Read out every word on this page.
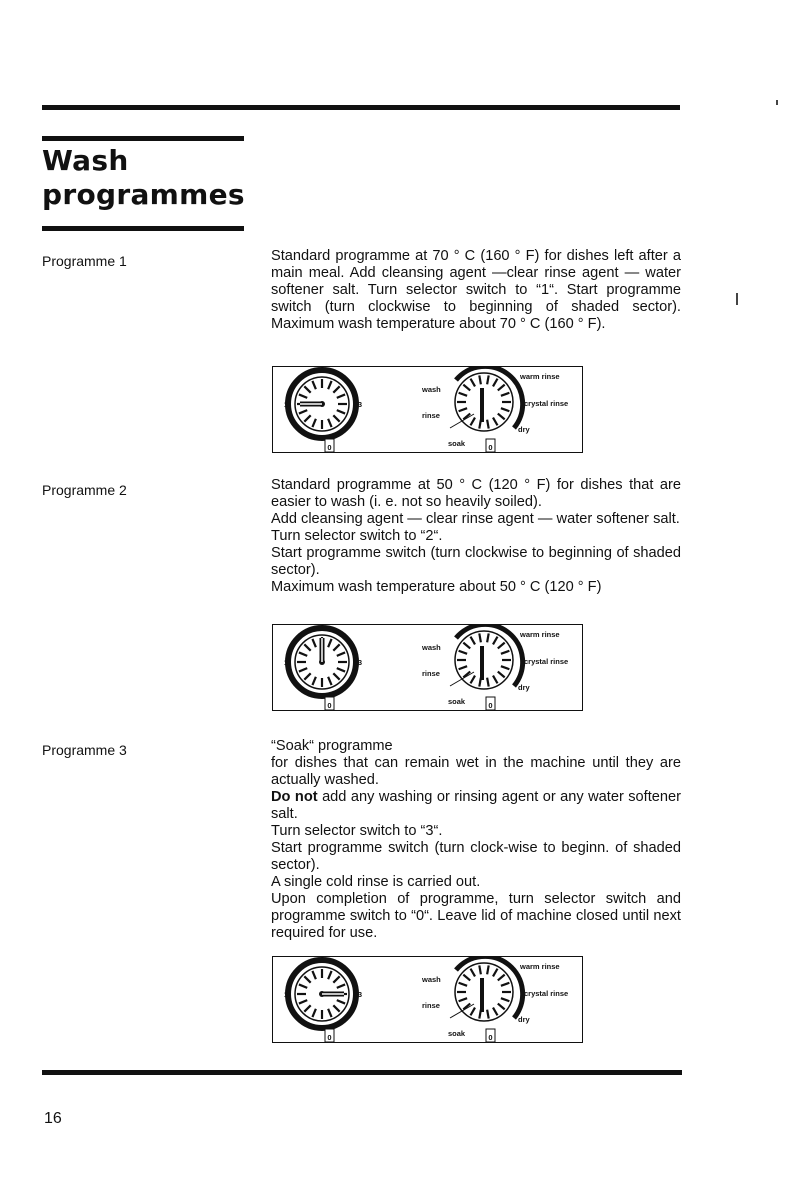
Wash
programmes
Programme 1	Standard programme at 70 ° C (160 ° F) for dishes left after a main meal. Add cleansing agent —clear rinse agent — water softener salt. Turn selector switch to “1“. Start programme switch (turn clockwise to beginning of shaded sector). Maximum wash temperature about 70 ° C (160 ° F).

2
1	3
0	0
wash
rinse
soak
warm rinse
crystal rinse
dry
Programme 2	Standard programme at 50 ° C (120 ° F) for dishes that are easier to wash (i. e. not so heavily soiled).

Add cleansing agent — clear rinse agent — water softener salt.

Turn selector switch to “2“.

Start programme switch (turn clockwise to beginning of shaded sector).

Maximum wash temperature about 50 ° C (120 ° F)

2
1	3
0	0
wash
rinse
soak
warm rinse
crystal rinse
dry
Programme 3	“Soak“ programme

for dishes that can remain wet in the machine until they are actually washed.

Do not add any washing or rinsing agent or any water softener salt.

Turn selector switch to “3“.

Start programme switch (turn clock-wise to beginn. of shaded sector).

A single cold rinse is carried out.

Upon completion of programme, turn selector switch and programme switch to “0“. Leave lid of machine closed until next required for use.

2
1	3
0	0
wash
rinse
soak
warm rinse
crystal rinse
dry
16
